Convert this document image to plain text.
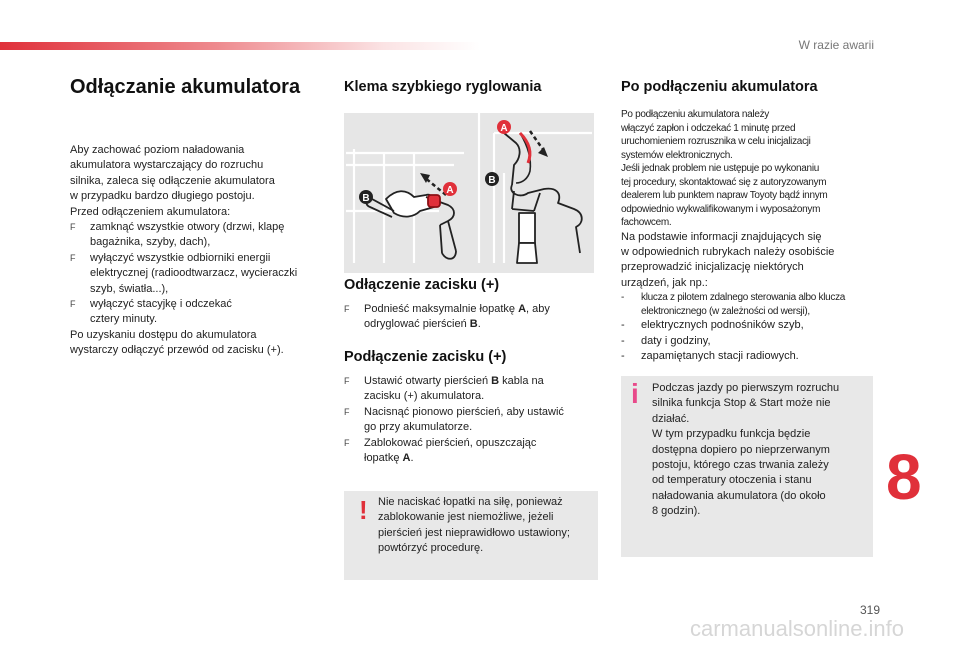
W razie awarii
Odłączanie akumulatora

Aby zachować poziom naładowania

akumulatora wystarczający do rozruchu

silnika, zaleca się odłączenie akumulatora

w przypadku bardzo długiego postoju.

Przed odłączeniem akumulatora:

F zamknąć wszystkie otwory (drzwi, klapę
bagażnika, szyby, dach),
F wyłączyć wszystkie odbiorniki energii
elektrycznej (radioodtwarzacz, wycieraczki
szyb, światła...),
F wyłączyć stacyjkę i odczekać
cztery minuty.

Po uzyskaniu dostępu do akumulatora

wystarczy odłączyć przewód od zacisku (+).

Klema szybkiego ryglowania
A
B
A
B
Odłączenie zacisku (+)
F Podnieść maksymalnie łopatkę A, aby
odryglować pierścień B.
Podłączenie zacisku (+)
F Ustawić otwarty pierścień B kabla na
zacisku (+) akumulatora.
F Nacisnąć pionowo pierścień, aby ustawić
go przy akumulatorze.
F Zablokować pierścień, opuszczając
łopatkę A.
! Nie naciskać łopatki na siłę, ponieważ

zablokowanie jest niemożliwe, jeżeli

pierścień jest nieprawidłowo ustawiony;

powtórzyć procedurę.

Po podłączeniu akumulatora

Po podłączeniu akumulatora należy

włączyć zapłon i odczekać 1 minutę przed

uruchomieniem rozrusznika w celu inicjalizacji

systemów elektronicznych.

Jeśli jednak problem nie ustępuje po wykonaniu

tej procedury, skontaktować się z autoryzowanym

dealerem lub punktem napraw Toyoty bądź innym

odpowiednio wykwalifikowanym i wyposażonym

fachowcem.

Na podstawie informacji znajdujących się

w odpowiednich rubrykach należy osobiście

przeprowadzić inicjalizację niektórych

urządzeń, jak np.:

- klucza z pilotem zdalnego sterowania albo klucza
elektronicznego (w zależności od wersji),
- elektrycznych podnośników szyb,
- daty i godziny,
- zapamiętanych stacji radiowych.
i Podczas jazdy po pierwszym rozruchu

silnika funkcja Stop & Start może nie

działać.

W tym przypadku funkcja będzie

dostępna dopiero po nieprzerwanym

postoju, którego czas trwania zależy

od temperatury otoczenia i stanu

naładowania akumulatora (do około

8 godzin).	8
319
carmanualsonline.info
